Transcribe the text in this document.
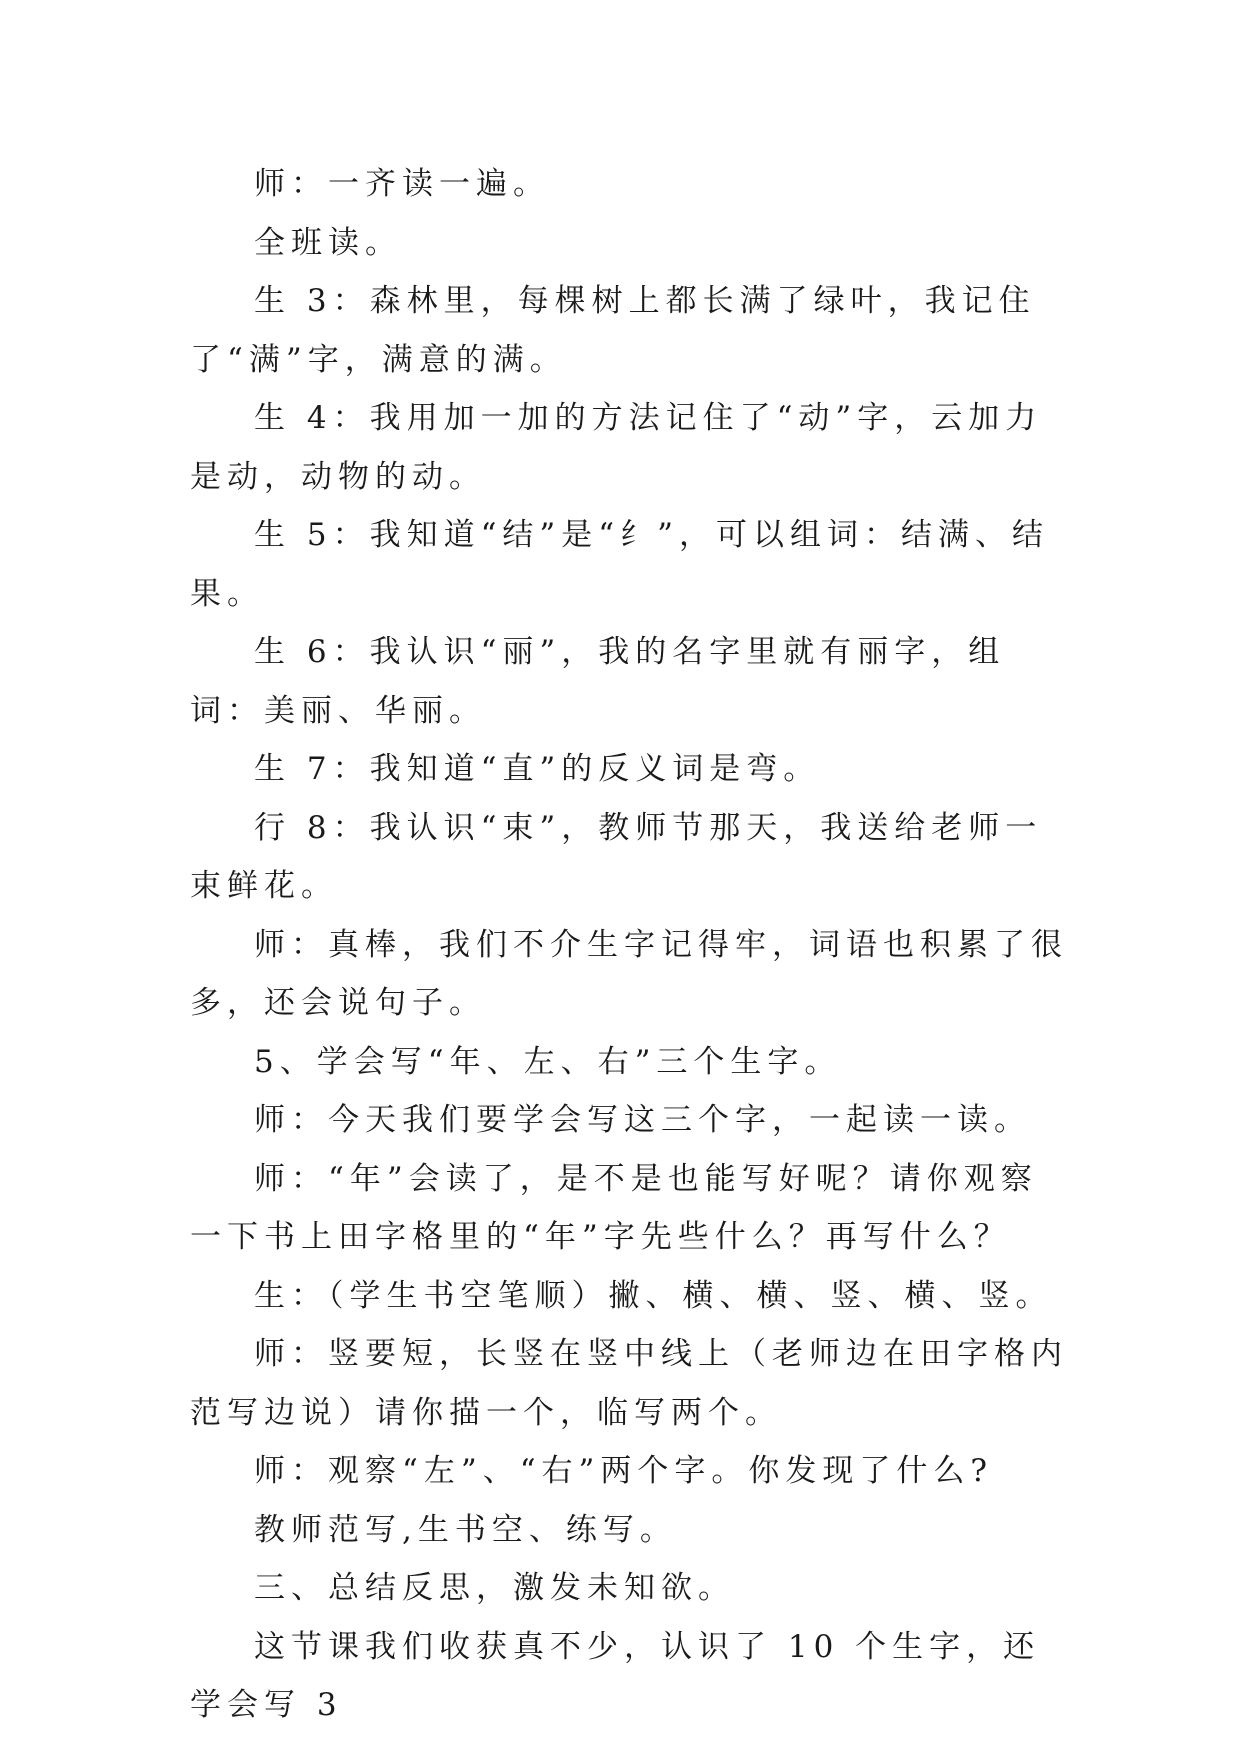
师：一齐读一遍。

全班读。

生 3：森林里，每棵树上都长满了绿叶，我记住了“满”字，满意的满。

生 4：我用加一加的方法记住了“动”字，云加力是动，动物的动。

生 5：我知道“结”是“纟”，可以组词：结满、结果。

生 6：我认识“丽”，我的名字里就有丽字，组词：美丽、华丽。

生 7：我知道“直”的反义词是弯。

行 8：我认识“束”，教师节那天，我送给老师一束鲜花。

师：真棒，我们不介生字记得牢，词语也积累了很多，还会说句子。

5、学会写“年、左、右”三个生字。

师：今天我们要学会写这三个字，一起读一读。

师：“年”会读了，是不是也能写好呢？请你观察一下书上田字格里的“年”字先些什么？再写什么？

生：（学生书空笔顺）撇、横、横、竖、横、竖。

师：竖要短，长竖在竖中线上（老师边在田字格内范写边说）请你描一个，临写两个。

师：观察“左”、“右”两个字。你发现了什么?

教师范写,生书空、练写。

三、总结反思，激发未知欲。

这节课我们收获真不少，认识了 10 个生字，还学会写 3
